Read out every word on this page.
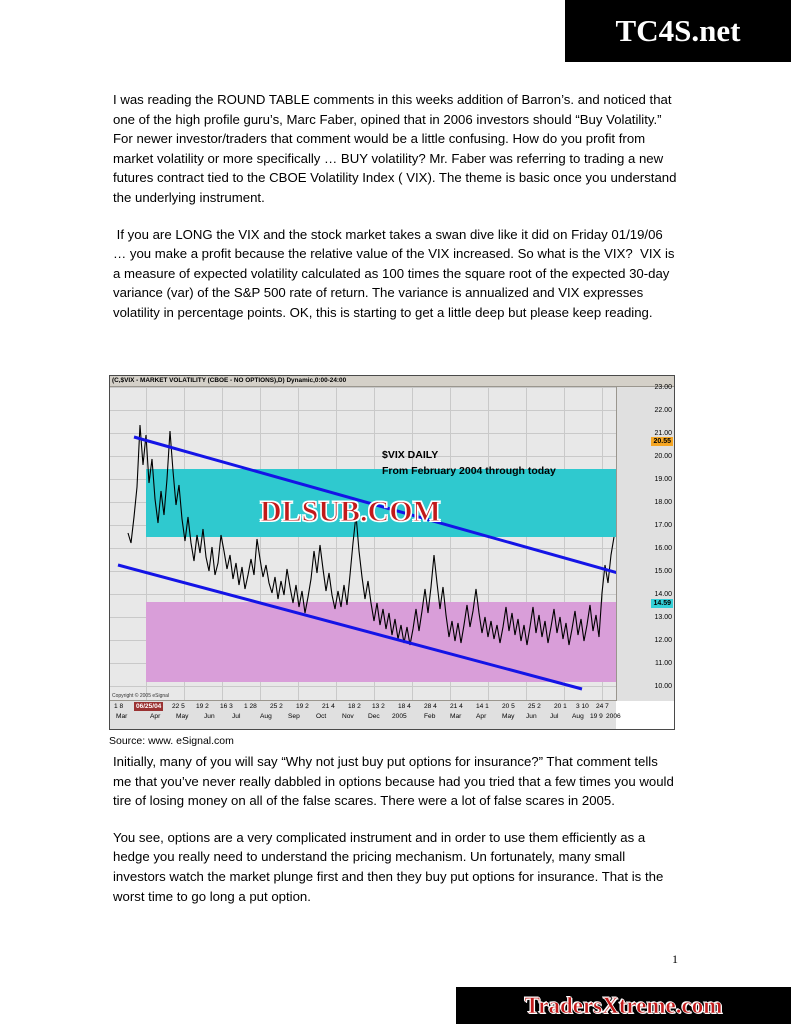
TC4S.net

I was reading the ROUND TABLE comments in this weeks addition of Barron’s. and noticed that one of the high profile guru’s, Marc Faber, opined that in 2006 investors should “Buy Volatility.” For newer investor/traders that comment would be a little confusing. How do you profit from market volatility or more specifically … BUY volatility? Mr. Faber was referring to trading a new futures contract tied to the CBOE Volatility Index ( VIX). The theme is basic once you understand the underlying instrument.

If you are LONG the VIX and the stock market takes a swan dive like it did on Friday 01/19/06 … you make a profit because the relative value of the VIX increased. So what is the VIX?  VIX is a measure of expected volatility calculated as 100 times the square root of the expected 30-day variance (var) of the S&P 500 rate of return. The variance is annualized and VIX expresses volatility in percentage points. OK, this is starting to get a little deep but please keep reading.

(C,$VIX - MARKET VOLATILITY (CBOE - NO OPTIONS),D) Dynamic,0:00-24:00
$VIX DAILY
From February 2004 through today
DLSUB.COM
Copyright © 2005 eSignal
23.00
22.00
21.00
20.55
20.00
19.00
18.00
17.00
16.00
15.00
14.00
14.59
13.00
12.00
11.00
10.00
06/25/04
1 8	22 5 19 2 16 3 1 28 25 2 19 2 21 4 18 2 13 2 18 4 28 4 21 4 14 1 20 5 25 2 20 1 3 10 24 7
Mar	Apr May Jun	Jul	Aug Sep Oct Nov Dec 2005	Feb Mar Apr May Jun Jul Aug 19 9 2006
Source: www. eSignal.com

Initially, many of you will say “Why not just buy put options for insurance?” That comment tells me that you’ve never really dabbled in options because had you tried that a few times you would tire of losing money on all of the false scares. There were a lot of false scares in 2005.

You see, options are a very complicated instrument and in order to use them efficiently as a hedge you really need to understand the pricing mechanism. Un fortunately, many small investors watch the market plunge first and then they buy put options for insurance. That is the worst time to go long a put option.

1
TradersXtreme.com
